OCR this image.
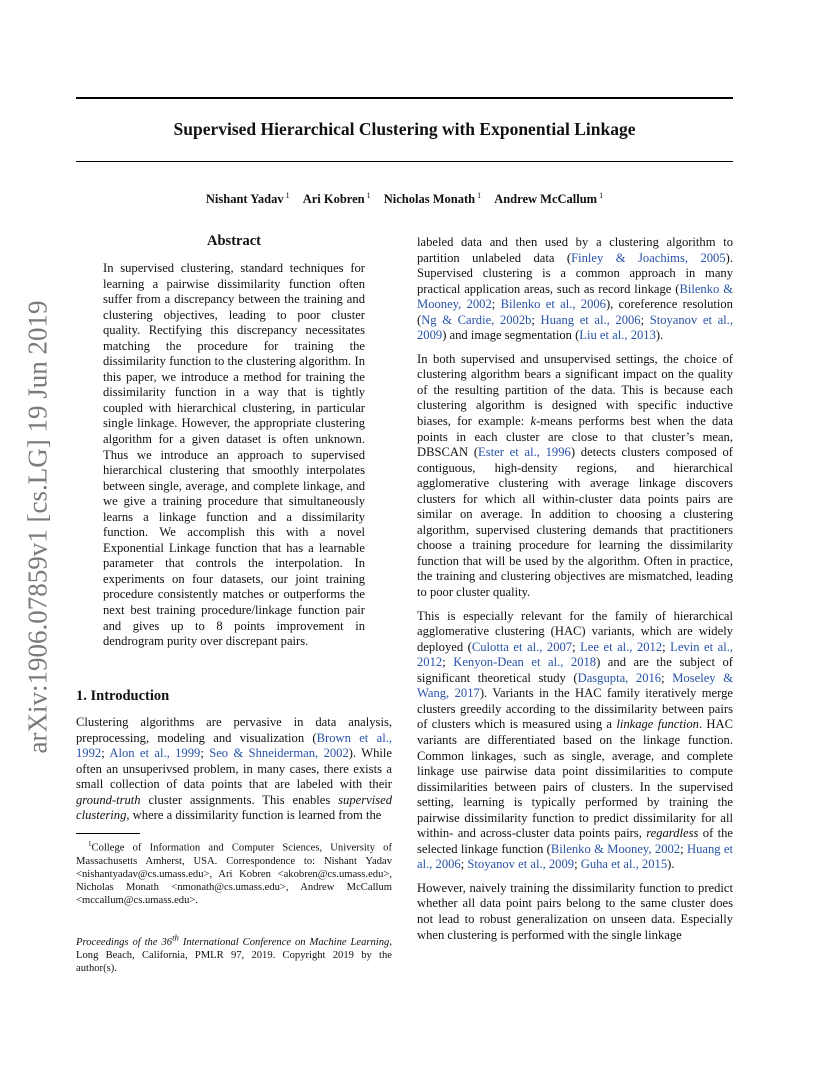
Supervised Hierarchical Clustering with Exponential Linkage
Nishant Yadav $^1$ Ari Kobren $^1$ Nicholas Monath $^1$ Andrew McCallum $^1$
arXiv:1906.07859v1 [cs.LG] 19 Jun 2019
Abstract

In supervised clustering, standard techniques for learning a pairwise dissimilarity function often suffer from a discrepancy between the training and clustering objectives, leading to poor cluster quality. Rectifying this discrepancy necessitates matching the procedure for training the dissimilarity function to the clustering algorithm. In this paper, we introduce a method for training the dissimilarity function in a way that is tightly coupled with hierarchical clustering, in particular single linkage. However, the appropriate clustering algorithm for a given dataset is often unknown. Thus we introduce an approach to supervised hierarchical clustering that smoothly interpolates between single, average, and complete linkage, and we give a training procedure that simultaneously learns a linkage function and a dissimilarity function. We accomplish this with a novel Exponential Linkage function that has a learnable parameter that controls the interpolation. In experiments on four datasets, our joint training procedure consistently matches or outperforms the next best training procedure/linkage function pair and gives up to 8 points improvement in dendrogram purity over discrepant pairs.

1. Introduction

Clustering algorithms are pervasive in data analysis, preprocessing, modeling and visualization (Brown et al., 1992; Alon et al., 1999; Seo & Shneiderman, 2002). While often an unsuperivsed problem, in many cases, there exists a small collection of data points that are labeled with their ground-truth cluster assignments. This enables supervised clustering, where a dissimilarity function is learned from the

$^1$College of Information and Computer Sciences, University of Massachusetts Amherst, USA. Correspondence to: Nishant Yadav <nishantyadav@cs.umass.edu>, Ari Kobren <akobren@cs.umass.edu>, Nicholas Monath <nmonath@cs.umass.edu>, Andrew McCallum <mccallum@cs.umass.edu>.

Proceedings of the 36th International Conference on Machine Learning, Long Beach, California, PMLR 97, 2019. Copyright 2019 by the author(s).

labeled data and then used by a clustering algorithm to partition unlabeled data (Finley & Joachims, 2005). Supervised clustering is a common approach in many practical application areas, such as record linkage (Bilenko & Mooney, 2002; Bilenko et al., 2006), coreference resolution (Ng & Cardie, 2002b; Huang et al., 2006; Stoyanov et al., 2009) and image segmentation (Liu et al., 2013).

In both supervised and unsupervised settings, the choice of clustering algorithm bears a significant impact on the quality of the resulting partition of the data. This is because each clustering algorithm is designed with specific inductive biases, for example: k-means performs best when the data points in each cluster are close to that cluster’s mean, DBSCAN (Ester et al., 1996) detects clusters composed of contiguous, high-density regions, and hierarchical agglomerative clustering with average linkage discovers clusters for which all within-cluster data points pairs are similar on average. In addition to choosing a clustering algorithm, supervised clustering demands that practitioners choose a training procedure for learning the dissimilarity function that will be used by the algorithm. Often in practice, the training and clustering objectives are mismatched, leading to poor cluster quality.

This is especially relevant for the family of hierarchical agglomerative clustering (HAC) variants, which are widely deployed (Culotta et al., 2007; Lee et al., 2012; Levin et al., 2012; Kenyon-Dean et al., 2018) and are the subject of significant theoretical study (Dasgupta, 2016; Moseley & Wang, 2017). Variants in the HAC family iteratively merge clusters greedily according to the dissimilarity between pairs of clusters which is measured using a linkage function. HAC variants are differentiated based on the linkage function. Common linkages, such as single, average, and complete linkage use pairwise data point dissimilarities to compute dissimilarities between pairs of clusters. In the supervised setting, learning is typically performed by training the pairwise dissimilarity function to predict dissimilarity for all within- and across-cluster data points pairs, regardless of the selected linkage function (Bilenko & Mooney, 2002; Huang et al., 2006; Stoyanov et al., 2009; Guha et al., 2015).

However, naively training the dissimilarity function to predict whether all data point pairs belong to the same cluster does not lead to robust generalization on unseen data. Especially when clustering is performed with the single linkage
